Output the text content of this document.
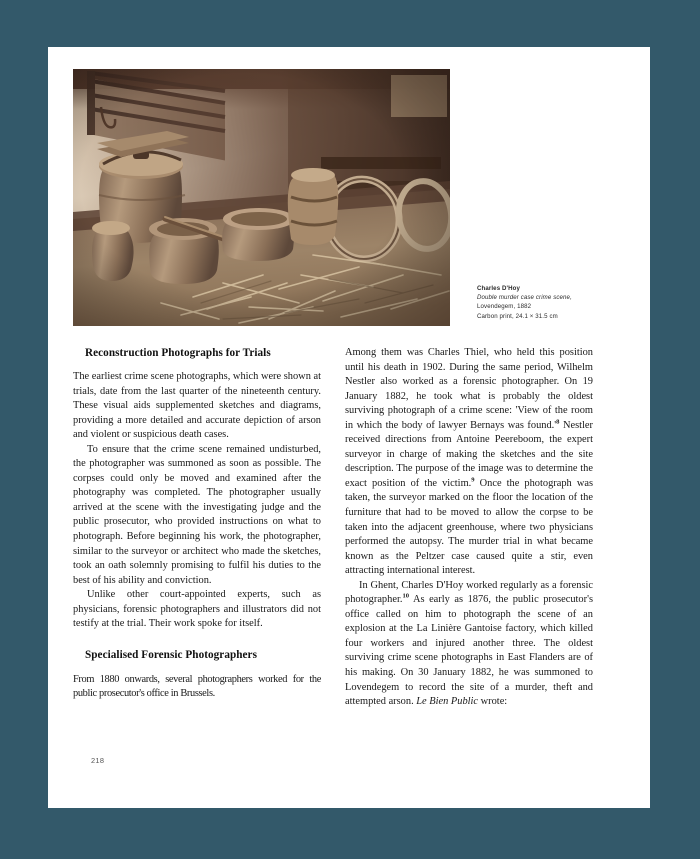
Charles D'Hoy
Double murder case crime scene,
Lovendegem, 1882
Carbon print, 24.1 × 31.5 cm
Reconstruction Photographs for Trials

The earliest crime scene photographs, which were shown at trials, date from the last quarter of the nineteenth century. These visual aids supplemented sketches and diagrams, providing a more detailed and accurate depiction of arson and violent or suspicious death cases.

To ensure that the crime scene remained undisturbed, the photographer was summoned as soon as possible. The corpses could only be moved and examined after the photography was completed. The photographer usually arrived at the scene with the investigating judge and the public prosecutor, who provided instructions on what to photograph. Before beginning his work, the photographer, similar to the surveyor or architect who made the sketches, took an oath solemnly promising to fulfil his duties to the best of his ability and conviction.

Unlike other court-appointed experts, such as physicians, forensic photographers and illustrators did not testify at the trial. Their work spoke for itself.

Specialised Forensic Photographers

From 1880 onwards, several photographers worked for the public prosecutor's office in Brussels.

Among them was Charles Thiel, who held this position until his death in 1902. During the same period, Wilhelm Nestler also worked as a forensic photographer. On 19 January 1882, he took what is probably the oldest surviving photograph of a crime scene: 'View of the room in which the body of lawyer Bernays was $found.'^8$ Nestler received directions from Antoine Peereboom, the expert surveyor in charge of making the sketches and the site description. The purpose of the image was to determine the exact position of the victim.$^9$ Once the photograph was taken, the surveyor marked on the floor the location of the furniture that had to be moved to allow the corpse to be taken into the adjacent greenhouse, where two physicians performed the autopsy. The murder trial in what became known as the Peltzer case caused quite a stir, even attracting international interest.

In Ghent, Charles D'Hoy worked regularly as a forensic photographer.$^{10}$ As early as 1876, the public prosecutor's office called on him to photograph the scene of an explosion at the La Linière Gantoise factory, which killed four workers and injured another three. The oldest surviving crime scene photographs in East Flanders are of his making. On 30 January 1882, he was summoned to Lovendegem to record the site of a murder, theft and attempted arson. Le Bien Public wrote:

218
